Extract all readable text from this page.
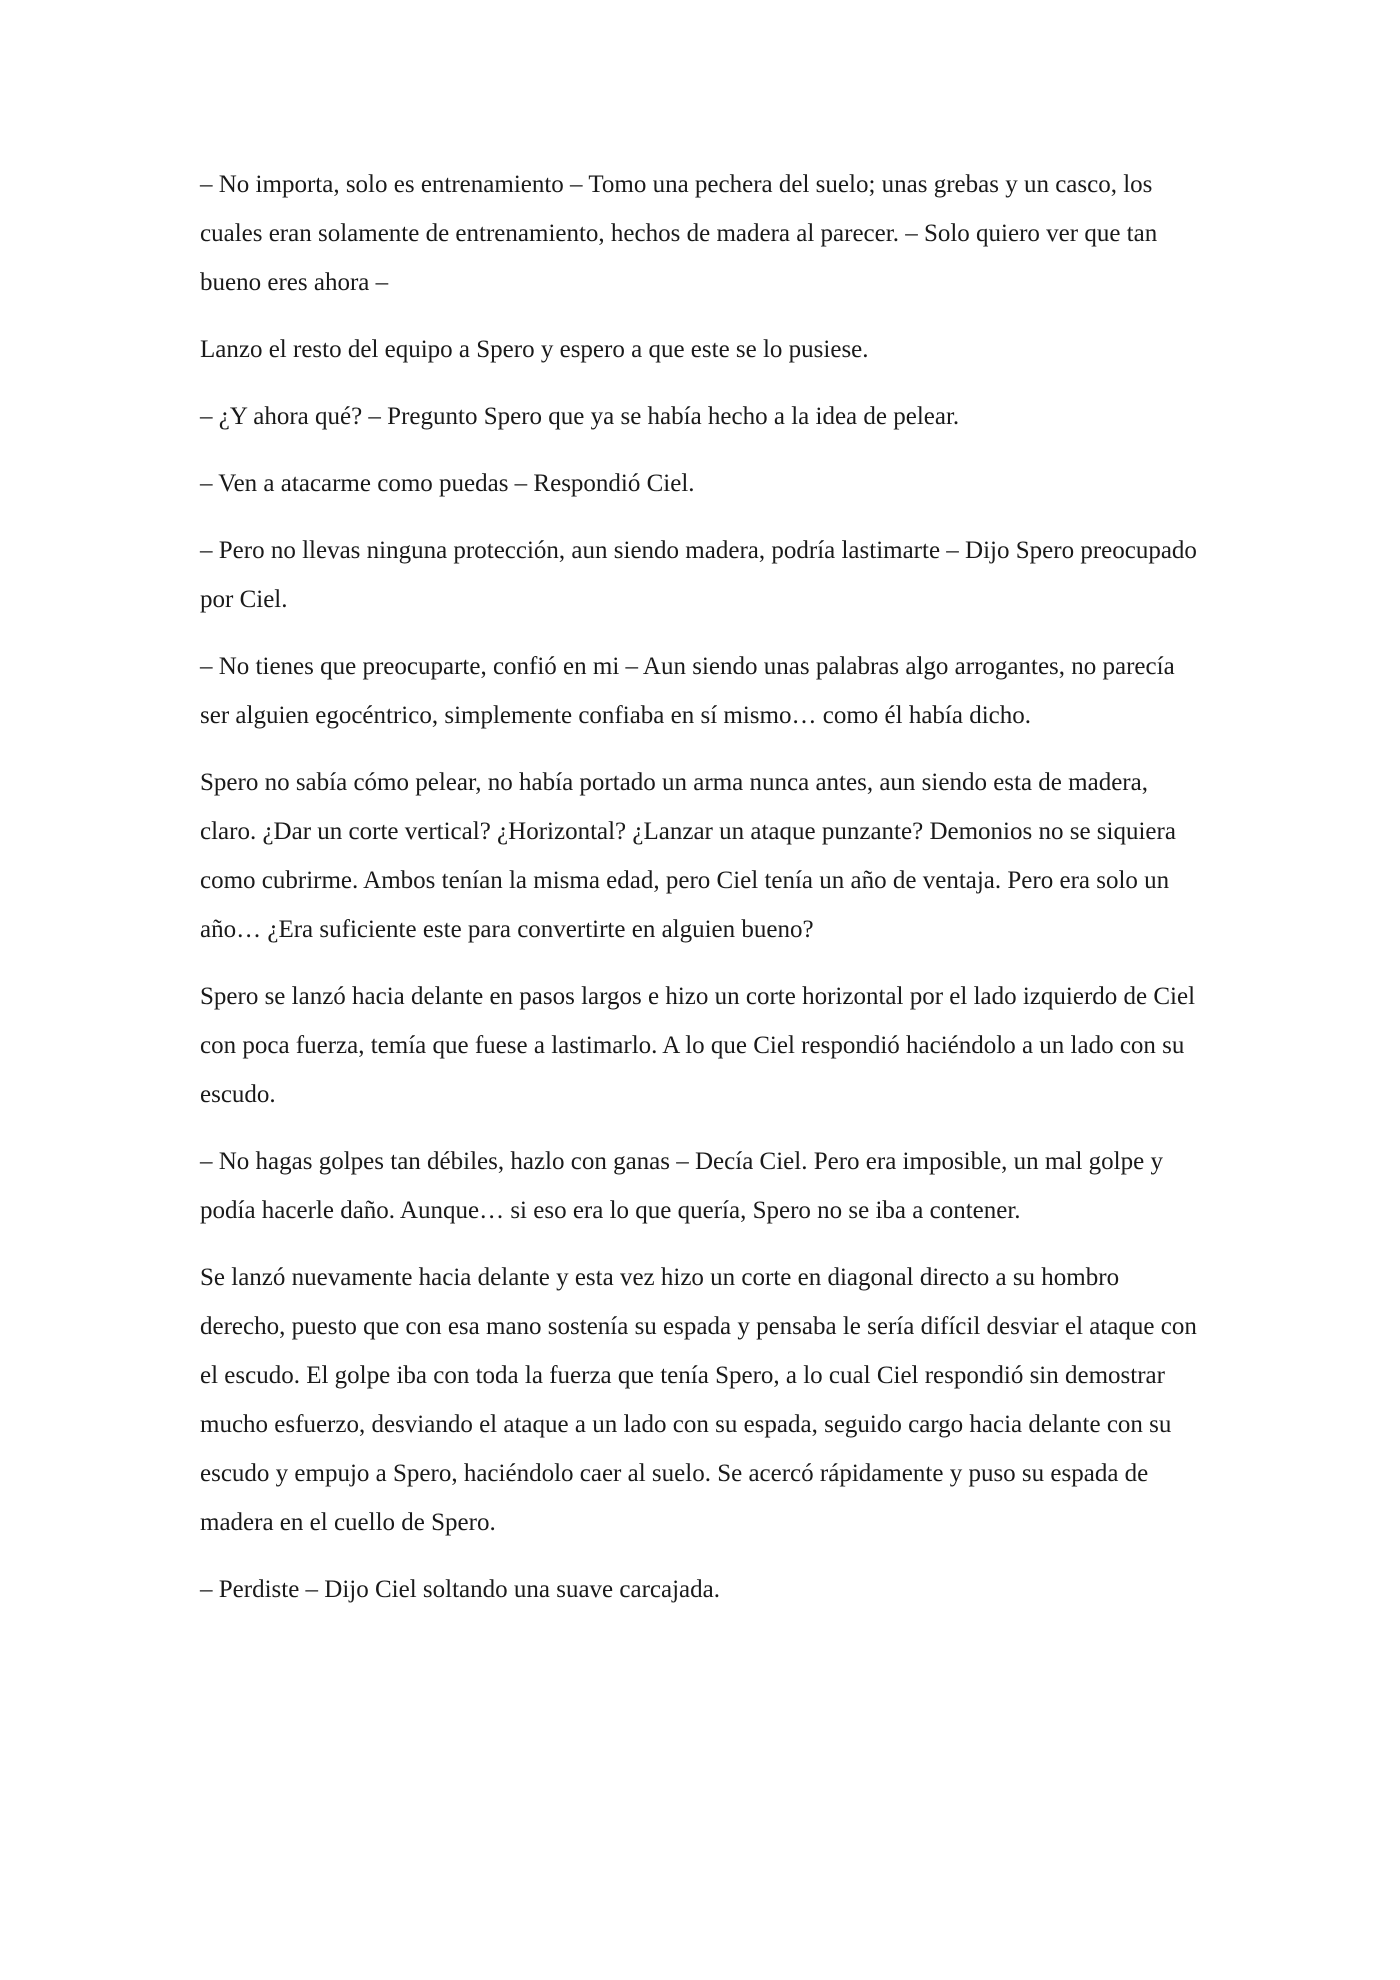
– No importa, solo es entrenamiento – Tomo una pechera del suelo; unas grebas y un casco, los cuales eran solamente de entrenamiento, hechos de madera al parecer. – Solo quiero ver que tan bueno eres ahora –

Lanzo el resto del equipo a Spero y espero a que este se lo pusiese.

– ¿Y ahora qué? – Pregunto Spero que ya se había hecho a la idea de pelear.

– Ven a atacarme como puedas – Respondió Ciel.

– Pero no llevas ninguna protección, aun siendo madera, podría lastimarte – Dijo Spero preocupado por Ciel.

– No tienes que preocuparte, confió en mi – Aun siendo unas palabras algo arrogantes, no parecía ser alguien egocéntrico, simplemente confiaba en sí mismo… como él había dicho.

Spero no sabía cómo pelear, no había portado un arma nunca antes, aun siendo esta de madera, claro. ¿Dar un corte vertical? ¿Horizontal? ¿Lanzar un ataque punzante? Demonios no se siquiera como cubrirme. Ambos tenían la misma edad, pero Ciel tenía un año de ventaja. Pero era solo un año… ¿Era suficiente este para convertirte en alguien bueno?

Spero se lanzó hacia delante en pasos largos e hizo un corte horizontal por el lado izquierdo de Ciel con poca fuerza, temía que fuese a lastimarlo. A lo que Ciel respondió haciéndolo a un lado con su escudo.

– No hagas golpes tan débiles, hazlo con ganas – Decía Ciel. Pero era imposible, un mal golpe y podía hacerle daño. Aunque… si eso era lo que quería, Spero no se iba a contener.

Se lanzó nuevamente hacia delante y esta vez hizo un corte en diagonal directo a su hombro derecho, puesto que con esa mano sostenía su espada y pensaba le sería difícil desviar el ataque con el escudo. El golpe iba con toda la fuerza que tenía Spero, a lo cual Ciel respondió sin demostrar mucho esfuerzo, desviando el ataque a un lado con su espada, seguido cargo hacia delante con su escudo y empujo a Spero, haciéndolo caer al suelo. Se acercó rápidamente y puso su espada de madera en el cuello de Spero.

– Perdiste – Dijo Ciel soltando una suave carcajada.
